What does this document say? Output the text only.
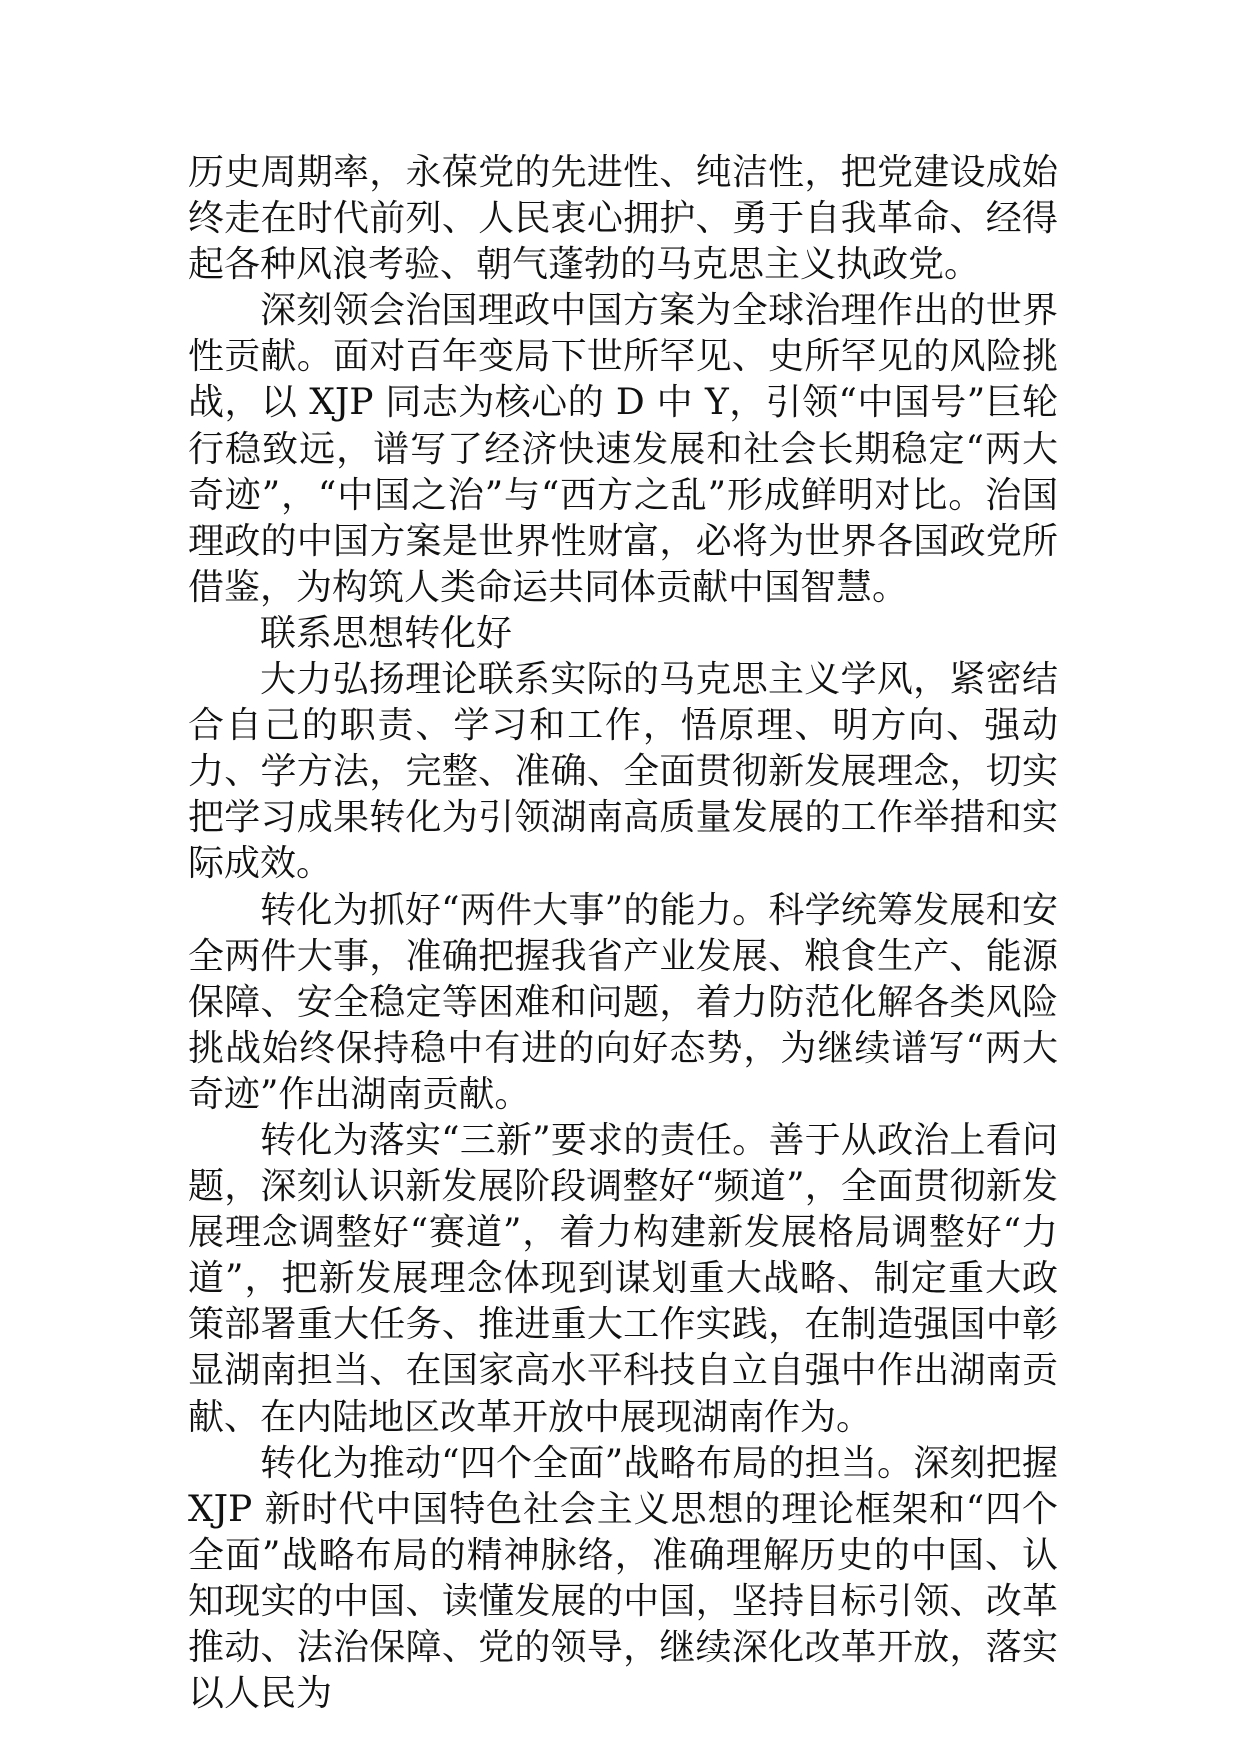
历史周期率，永葆党的先进性、纯洁性，把党建设成始终走在时代前列、人民衷心拥护、勇于自我革命、经得起各种风浪考验、朝气蓬勃的马克思主义执政党。

深刻领会治国理政中国方案为全球治理作出的世界性贡献。面对百年变局下世所罕见、史所罕见的风险挑战，以 XJP 同志为核心的 D 中 Y，引领“中国号”巨轮行稳致远，谱写了经济快速发展和社会长期稳定“两大奇迹”，“中国之治”与“西方之乱”形成鲜明对比。治国理政的中国方案是世界性财富，必将为世界各国政党所借鉴，为构筑人类命运共同体贡献中国智慧。

联系思想转化好

大力弘扬理论联系实际的马克思主义学风，紧密结合自己的职责、学习和工作，悟原理、明方向、强动力、学方法，完整、准确、全面贯彻新发展理念，切实把学习成果转化为引领湖南高质量发展的工作举措和实际成效。

转化为抓好“两件大事”的能力。科学统筹发展和安全两件大事，准确把握我省产业发展、粮食生产、能源保障、安全稳定等困难和问题，着力防范化解各类风险挑战始终保持稳中有进的向好态势，为继续谱写“两大奇迹”作出湖南贡献。

转化为落实“三新”要求的责任。善于从政治上看问题，深刻认识新发展阶段调整好“频道”，全面贯彻新发展理念调整好“赛道”，着力构建新发展格局调整好“力道”，把新发展理念体现到谋划重大战略、制定重大政策部署重大任务、推进重大工作实践，在制造强国中彰显湖南担当、在国家高水平科技自立自强中作出湖南贡献、在内陆地区改革开放中展现湖南作为。

转化为推动“四个全面”战略布局的担当。深刻把握 XJP 新时代中国特色社会主义思想的理论框架和“四个全面”战略布局的精神脉络，准确理解历史的中国、认知现实的中国、读懂发展的中国，坚持目标引领、改革推动、法治保障、党的领导，继续深化改革开放，落实以人民为
